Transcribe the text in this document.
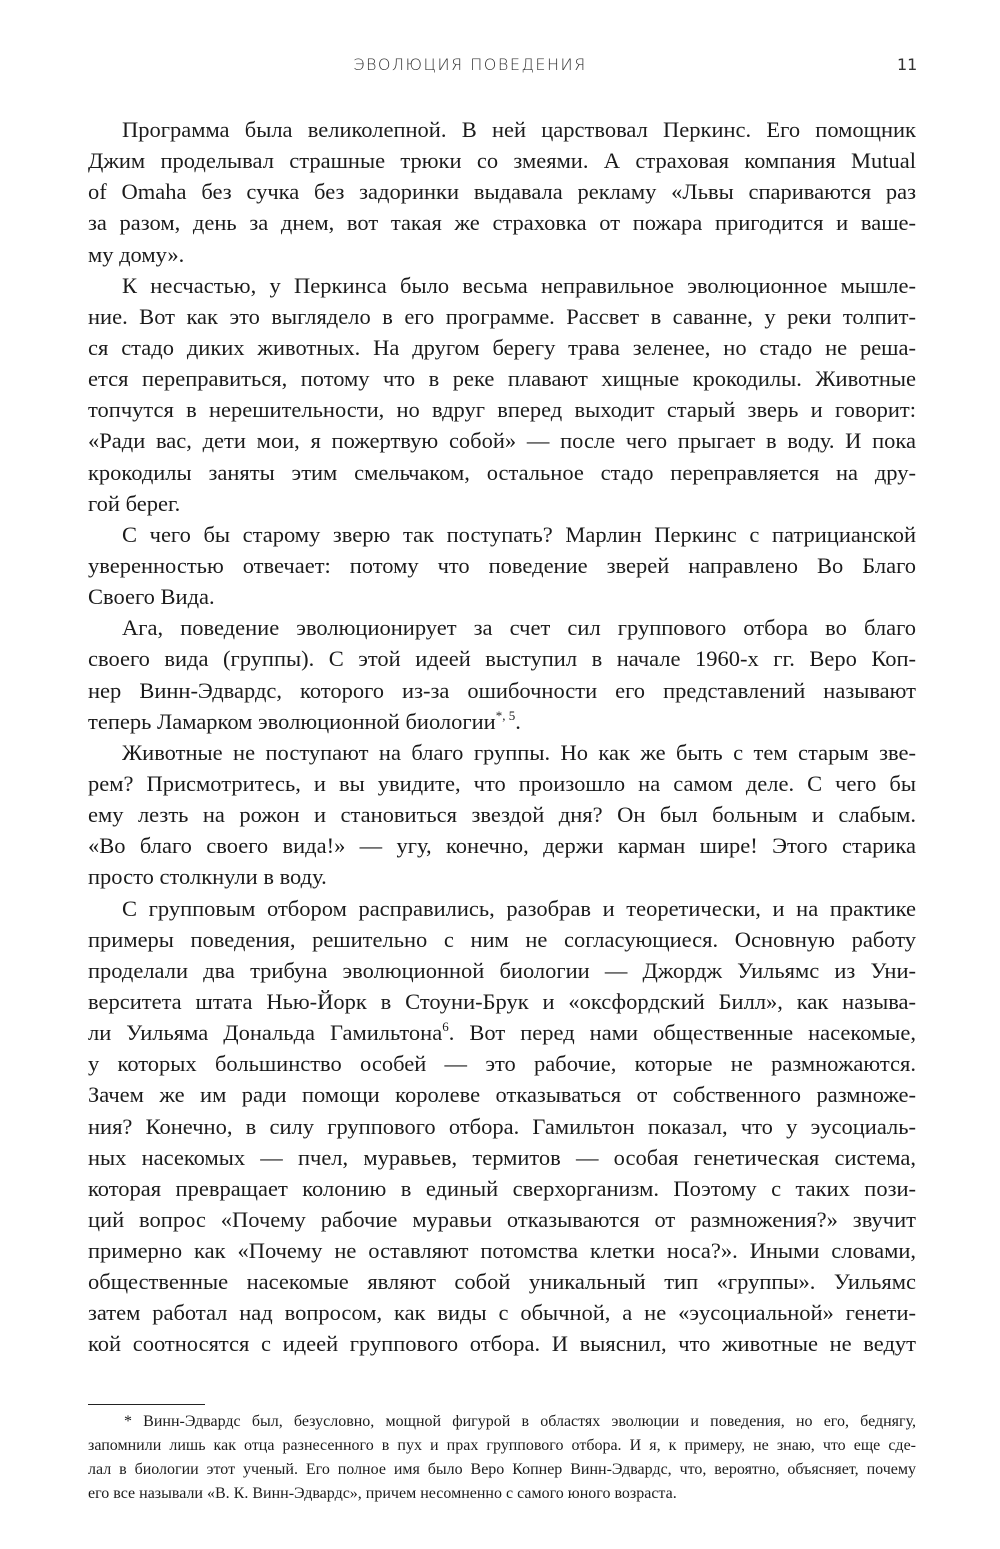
ЭВОЛЮЦИЯ ПОВЕДЕНИЯ	11
Программа была великолепной. В ней царствовал Перкинс. Его помощник
Джим проделывал страшные трюки со змеями. А страховая компания Mutual
of Omaha без сучка без задоринки выдавала рекламу «Львы спариваются раз
за разом, день за днем, вот такая же страховка от пожара пригодится и ваше-
му дому».
К несчастью, у Перкинса было весьма неправильное эволюционное мышле-
ние. Вот как это выглядело в его программе. Рассвет в саванне, у реки толпит-
ся стадо диких животных. На другом берегу трава зеленее, но стадо не реша-
ется переправиться, потому что в реке плавают хищные крокодилы. Животные
топчутся в нерешительности, но вдруг вперед выходит старый зверь и говорит:
«Ради вас, дети мои, я пожертвую собой» — после чего прыгает в воду. И пока
крокодилы заняты этим смельчаком, остальное стадо переправляется на дру-
гой берег.
С чего бы старому зверю так поступать? Марлин Перкинс с патрицианской
уверенностью отвечает: потому что поведение зверей направлено Во Благо
Своего Вида.
Ага, поведение эволюционирует за счет сил группового отбора во благо
своего вида (группы). С этой идеей выступил в начале 1960-х гг. Веро Коп-
нер Винн-Эдвардс, которого из-за ошибочности его представлений называют
теперь Ламарком эволюционной биологии$^{*, 5}$.
Животные не поступают на благо группы. Но как же быть с тем старым зве-
рем? Присмотритесь, и вы увидите, что произошло на самом деле. С чего бы
ему лезть на рожон и становиться звездой дня? Он был больным и слабым.
«Во благо своего вида!» — угу, конечно, держи карман шире! Этого старика
просто столкнули в воду.
С групповым отбором расправились, разобрав и теоретически, и на практике
примеры поведения, решительно с ним не согласующиеся. Основную работу
проделали два трибуна эволюционной биологии — Джордж Уильямс из Уни-
верситета штата Нью-Йорк в Стоуни-Брук и «оксфордский Билл», как называ-
ли Уильяма Дональда Гамильтона$^6$. Вот перед нами общественные насекомые,
у которых большинство особей — это рабочие, которые не размножаются.
Зачем же им ради помощи королеве отказываться от собственного размноже-
ния? Конечно, в силу группового отбора. Гамильтон показал, что у эусоциаль-
ных насекомых — пчел, муравьев, термитов — особая генетическая система,
которая превращает колонию в единый сверхорганизм. Поэтому с таких пози-
ций вопрос «Почему рабочие муравьи отказываются от размножения?» звучит
примерно как «Почему не оставляют потомства клетки носа?». Иными словами,
общественные насекомые являют собой уникальный тип «группы». Уильямс
затем работал над вопросом, как виды с обычной, а не «эусоциальной» генети-
кой соотносятся с идеей группового отбора. И выяснил, что животные не ведут
* Винн-Эдвардс был, безусловно, мощной фигурой в областях эволюции и поведения, но его, беднягу,
запомнили лишь как отца разнесенного в пух и прах группового отбора. И я, к примеру, не знаю, что еще сде-
лал в биологии этот ученый. Его полное имя было Веро Копнер Винн-Эдвардс, что, вероятно, объясняет, почему
его все называли «В. К. Винн-Эдвардс», причем несомненно с самого юного возраста.
